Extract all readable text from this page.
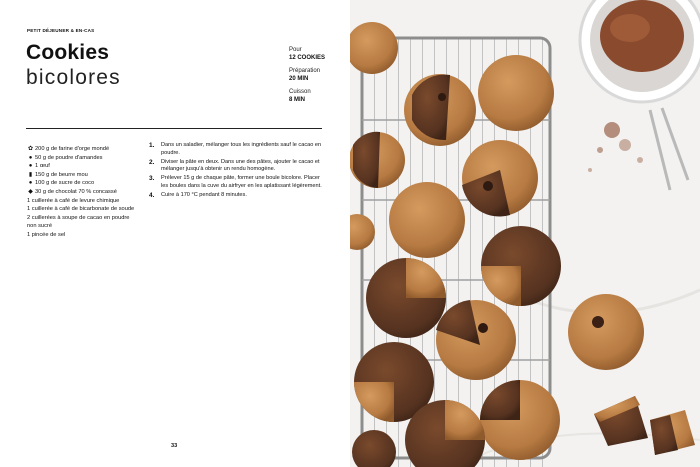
PETIT DÉJEUNER & EN-CAS
Cookies
bicolores
Pour
12 COOKIES
Préparation
20 MIN
Cuisson
8 MIN
✿ 200 g de farine d'orge mondé
● 50 g de poudre d'amandes
● 1 œuf
▮ 150 g de beurre mou
● 100 g de sucre de coco
◆ 30 g de chocolat 70 % concassé
1 cuillerée à café de levure chimique
1 cuillerée à café de bicarbonate de soude
2 cuillerées à soupe de cacao en poudre
non sucré
1 pincée de sel
1.	Dans un saladier, mélanger tous les ingrédients sauf le cacao en poudre.
2.	Diviser la pâte en deux. Dans une des pâtes, ajouter le cacao et mélanger jusqu'à obtenir un rendu homogène.
3.	Prélever 15 g de chaque pâte, former une boule bicolore. Placer les boules dans la cuve du airfryer en les aplatissant légèrement.
4.	Cuire à 170 °C pendant 8 minutes.
33
